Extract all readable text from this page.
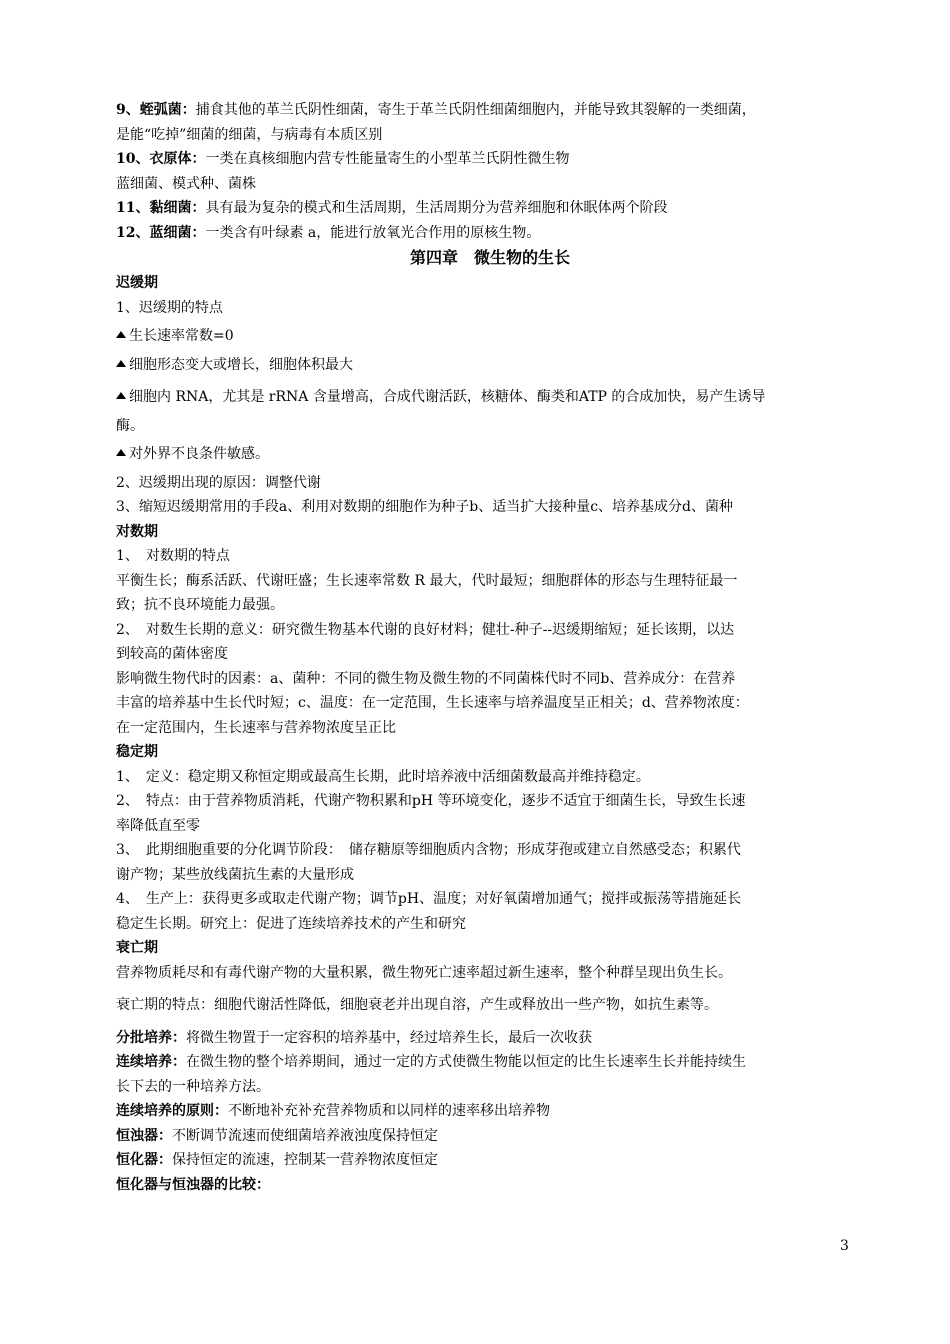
9、蛭弧菌：捕食其他的革兰氏阴性细菌，寄生于革兰氏阴性细菌细胞内，并能导致其裂解的一类细菌，

是能“吃掉”细菌的细菌，与病毒有本质区别

10、衣原体：一类在真核细胞内营专性能量寄生的小型革兰氏阴性微生物

蓝细菌、模式种、菌株

11、黏细菌：具有最为复杂的模式和生活周期，生活周期分为营养细胞和休眠体两个阶段

12、蓝细菌：一类含有叶绿素 a，能进行放氧光合作用的原核生物。

第四章　微生物的生长

迟缓期

1、迟缓期的特点

生长速率常数=0

细胞形态变大或增长，细胞体积最大

细胞内 RNA，尤其是 rRNA 含量增高，合成代谢活跃，核糖体、酶类和ATP 的合成加快，易产生诱导

酶。

对外界不良条件敏感。

2、迟缓期出现的原因：调整代谢

3、缩短迟缓期常用的手段a、利用对数期的细胞作为种子b、适当扩大接种量c、培养基成分d、菌种

对数期

1、　对数期的特点

平衡生长；酶系活跃、代谢旺盛；生长速率常数 R 最大，代时最短；细胞群体的形态与生理特征最一

致；抗不良环境能力最强。

2、　对数生长期的意义：研究微生物基本代谢的良好材料；健壮-种子--迟缓期缩短；延长该期，以达

到较高的菌体密度

影响微生物代时的因素：a、菌种：不同的微生物及微生物的不同菌株代时不同b、营养成分：在营养

丰富的培养基中生长代时短；c、温度：在一定范围，生长速率与培养温度呈正相关；d、营养物浓度：

在一定范围内，生长速率与营养物浓度呈正比

稳定期

1、　定义：稳定期又称恒定期或最高生长期，此时培养液中活细菌数最高并维持稳定。

2、　特点：由于营养物质消耗，代谢产物积累和pH 等环境变化，逐步不适宜于细菌生长，导致生长速

率降低直至零

3、　此期细胞重要的分化调节阶段：　储存糖原等细胞质内含物；形成芽孢或建立自然感受态；积累代

谢产物；某些放线菌抗生素的大量形成

4、　生产上：获得更多或取走代谢产物；调节pH、温度；对好氧菌增加通气；搅拌或振荡等措施延长

稳定生长期。研究上：促进了连续培养技术的产生和研究

衰亡期

营养物质耗尽和有毒代谢产物的大量积累，微生物死亡速率超过新生速率，整个种群呈现出负生长。

衰亡期的特点：细胞代谢活性降低，细胞衰老并出现自溶，产生或释放出一些产物，如抗生素等。

分批培养：将微生物置于一定容积的培养基中，经过培养生长，最后一次收获

连续培养：在微生物的整个培养期间，通过一定的方式使微生物能以恒定的比生长速率生长并能持续生

长下去的一种培养方法。

连续培养的原则：不断地补充补充营养物质和以同样的速率移出培养物

恒浊器：不断调节流速而使细菌培养液浊度保持恒定

恒化器：保持恒定的流速，控制某一营养物浓度恒定

恒化器与恒浊器的比较：

3
